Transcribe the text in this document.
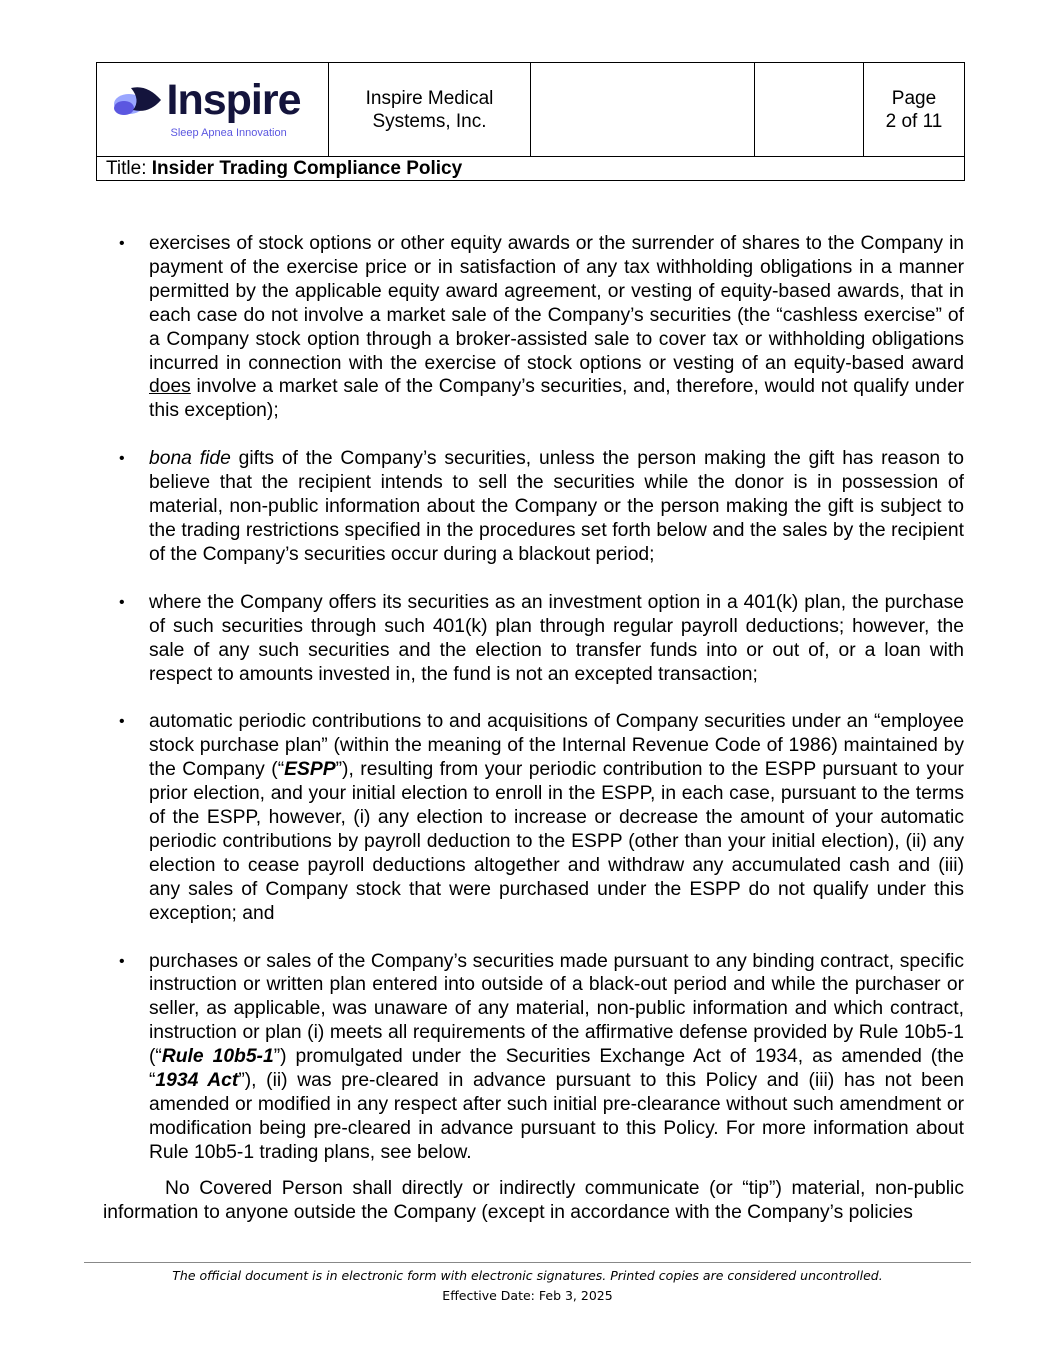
Inspire
Sleep Apnea Innovation
Inspire Medical Systems, Inc.
Page
2 of 11
Title: Insider Trading Compliance Policy
• exercises of stock options or other equity awards or the surrender of shares to the Company in payment of the exercise price or in satisfaction of any tax withholding obligations in a manner permitted by the applicable equity award agreement, or vesting of equity-based awards, that in each case do not involve a market sale of the Company’s securities (the “cashless exercise” of a Company stock option through a broker-assisted sale to cover tax or withholding obligations incurred in connection with the exercise of stock options or vesting of an equity-based award does involve a market sale of the Company’s securities, and, therefore, would not qualify under this exception);
• bona fide gifts of the Company’s securities, unless the person making the gift has reason to believe that the recipient intends to sell the securities while the donor is in possession of material, non-public information about the Company or the person making the gift is subject to the trading restrictions specified in the procedures set forth below and the sales by the recipient of the Company’s securities occur during a blackout period;
• where the Company offers its securities as an investment option in a 401(k) plan, the purchase of such securities through such 401(k) plan through regular payroll deductions; however, the sale of any such securities and the election to transfer funds into or out of, or a loan with respect to amounts invested in, the fund is not an excepted transaction;
• automatic periodic contributions to and acquisitions of Company securities under an “employee stock purchase plan” (within the meaning of the Internal Revenue Code of 1986) maintained by the Company (“ESPP”), resulting from your periodic contribution to the ESPP pursuant to your prior election, and your initial election to enroll in the ESPP, in each case, pursuant to the terms of the ESPP, however, (i) any election to increase or decrease the amount of your automatic periodic contributions by payroll deduction to the ESPP (other than your initial election), (ii) any election to cease payroll deductions altogether and withdraw any accumulated cash and (iii) any sales of Company stock that were purchased under the ESPP do not qualify under this exception; and
• purchases or sales of the Company’s securities made pursuant to any binding contract, specific instruction or written plan entered into outside of a black-out period and while the purchaser or seller, as applicable, was unaware of any material, non-public information and which contract, instruction or plan (i) meets all requirements of the affirmative defense provided by Rule 10b5-1 (“Rule 10b5-1”) promulgated under the Securities Exchange Act of 1934, as amended (the “1934 Act”), (ii) was pre-cleared in advance pursuant to this Policy and (iii) has not been amended or modified in any respect after such initial pre-clearance without such amendment or modification being pre-cleared in advance pursuant to this Policy. For more information about Rule 10b5-1 trading plans, see below.

No Covered Person shall directly or indirectly communicate (or “tip”) material, non-public information to anyone outside the Company (except in accordance with the Company’s policies

The official document is in electronic form with electronic signatures. Printed copies are considered uncontrolled.
Effective Date: Feb 3, 2025
